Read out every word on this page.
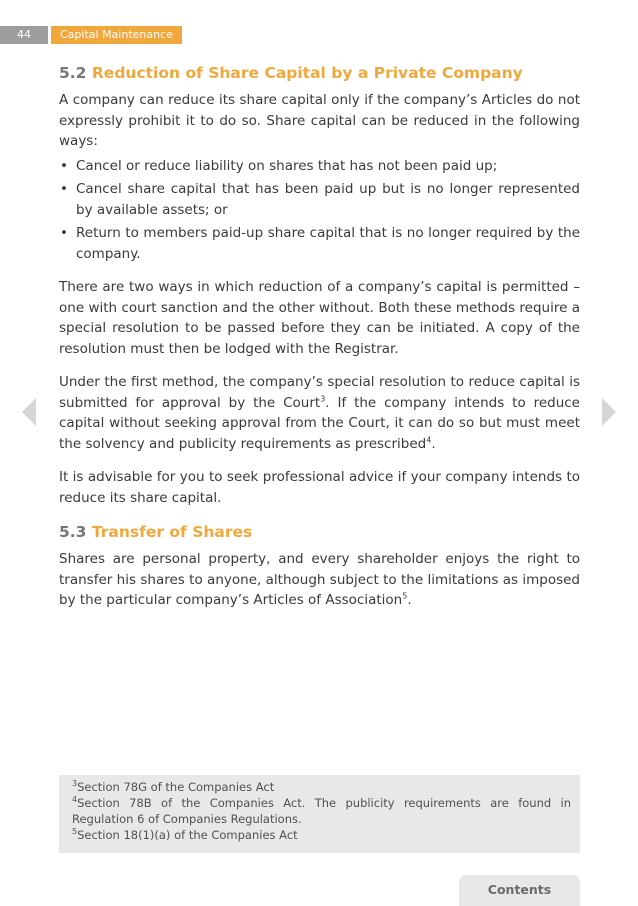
44	Capital Maintenance
5.2 Reduction of Share Capital by a Private Company

A company can reduce its share capital only if the company’s Articles do not expressly prohibit it to do so. Share capital can be reduced in the following ways:

• Cancel or reduce liability on shares that has not been paid up;
• Cancel share capital that has been paid up but is no longer represented by available assets; or
• Return to members paid-up share capital that is no longer required by the company.

There are two ways in which reduction of a company’s capital is permitted – one with court sanction and the other without. Both these methods require a special resolution to be passed before they can be initiated. A copy of the resolution must then be lodged with the Registrar.

Under the first method, the company’s special resolution to reduce capital is submitted for approval by the Court$^3$. If the company intends to reduce capital without seeking approval from the Court, it can do so but must meet the solvency and publicity requirements as prescribed$^4$.

It is advisable for you to seek professional advice if your company intends to reduce its share capital.

5.3 Transfer of Shares

Shares are personal property, and every shareholder enjoys the right to transfer his shares to anyone, although subject to the limitations as imposed by the particular company’s Articles of Association$^5$.

$^3$Section 78G of the Companies Act

$^4$Section 78B of the Companies Act. The publicity requirements are found in Regulation 6 of Companies Regulations.

$^5$Section 18(1)(a) of the Companies Act

Contents
